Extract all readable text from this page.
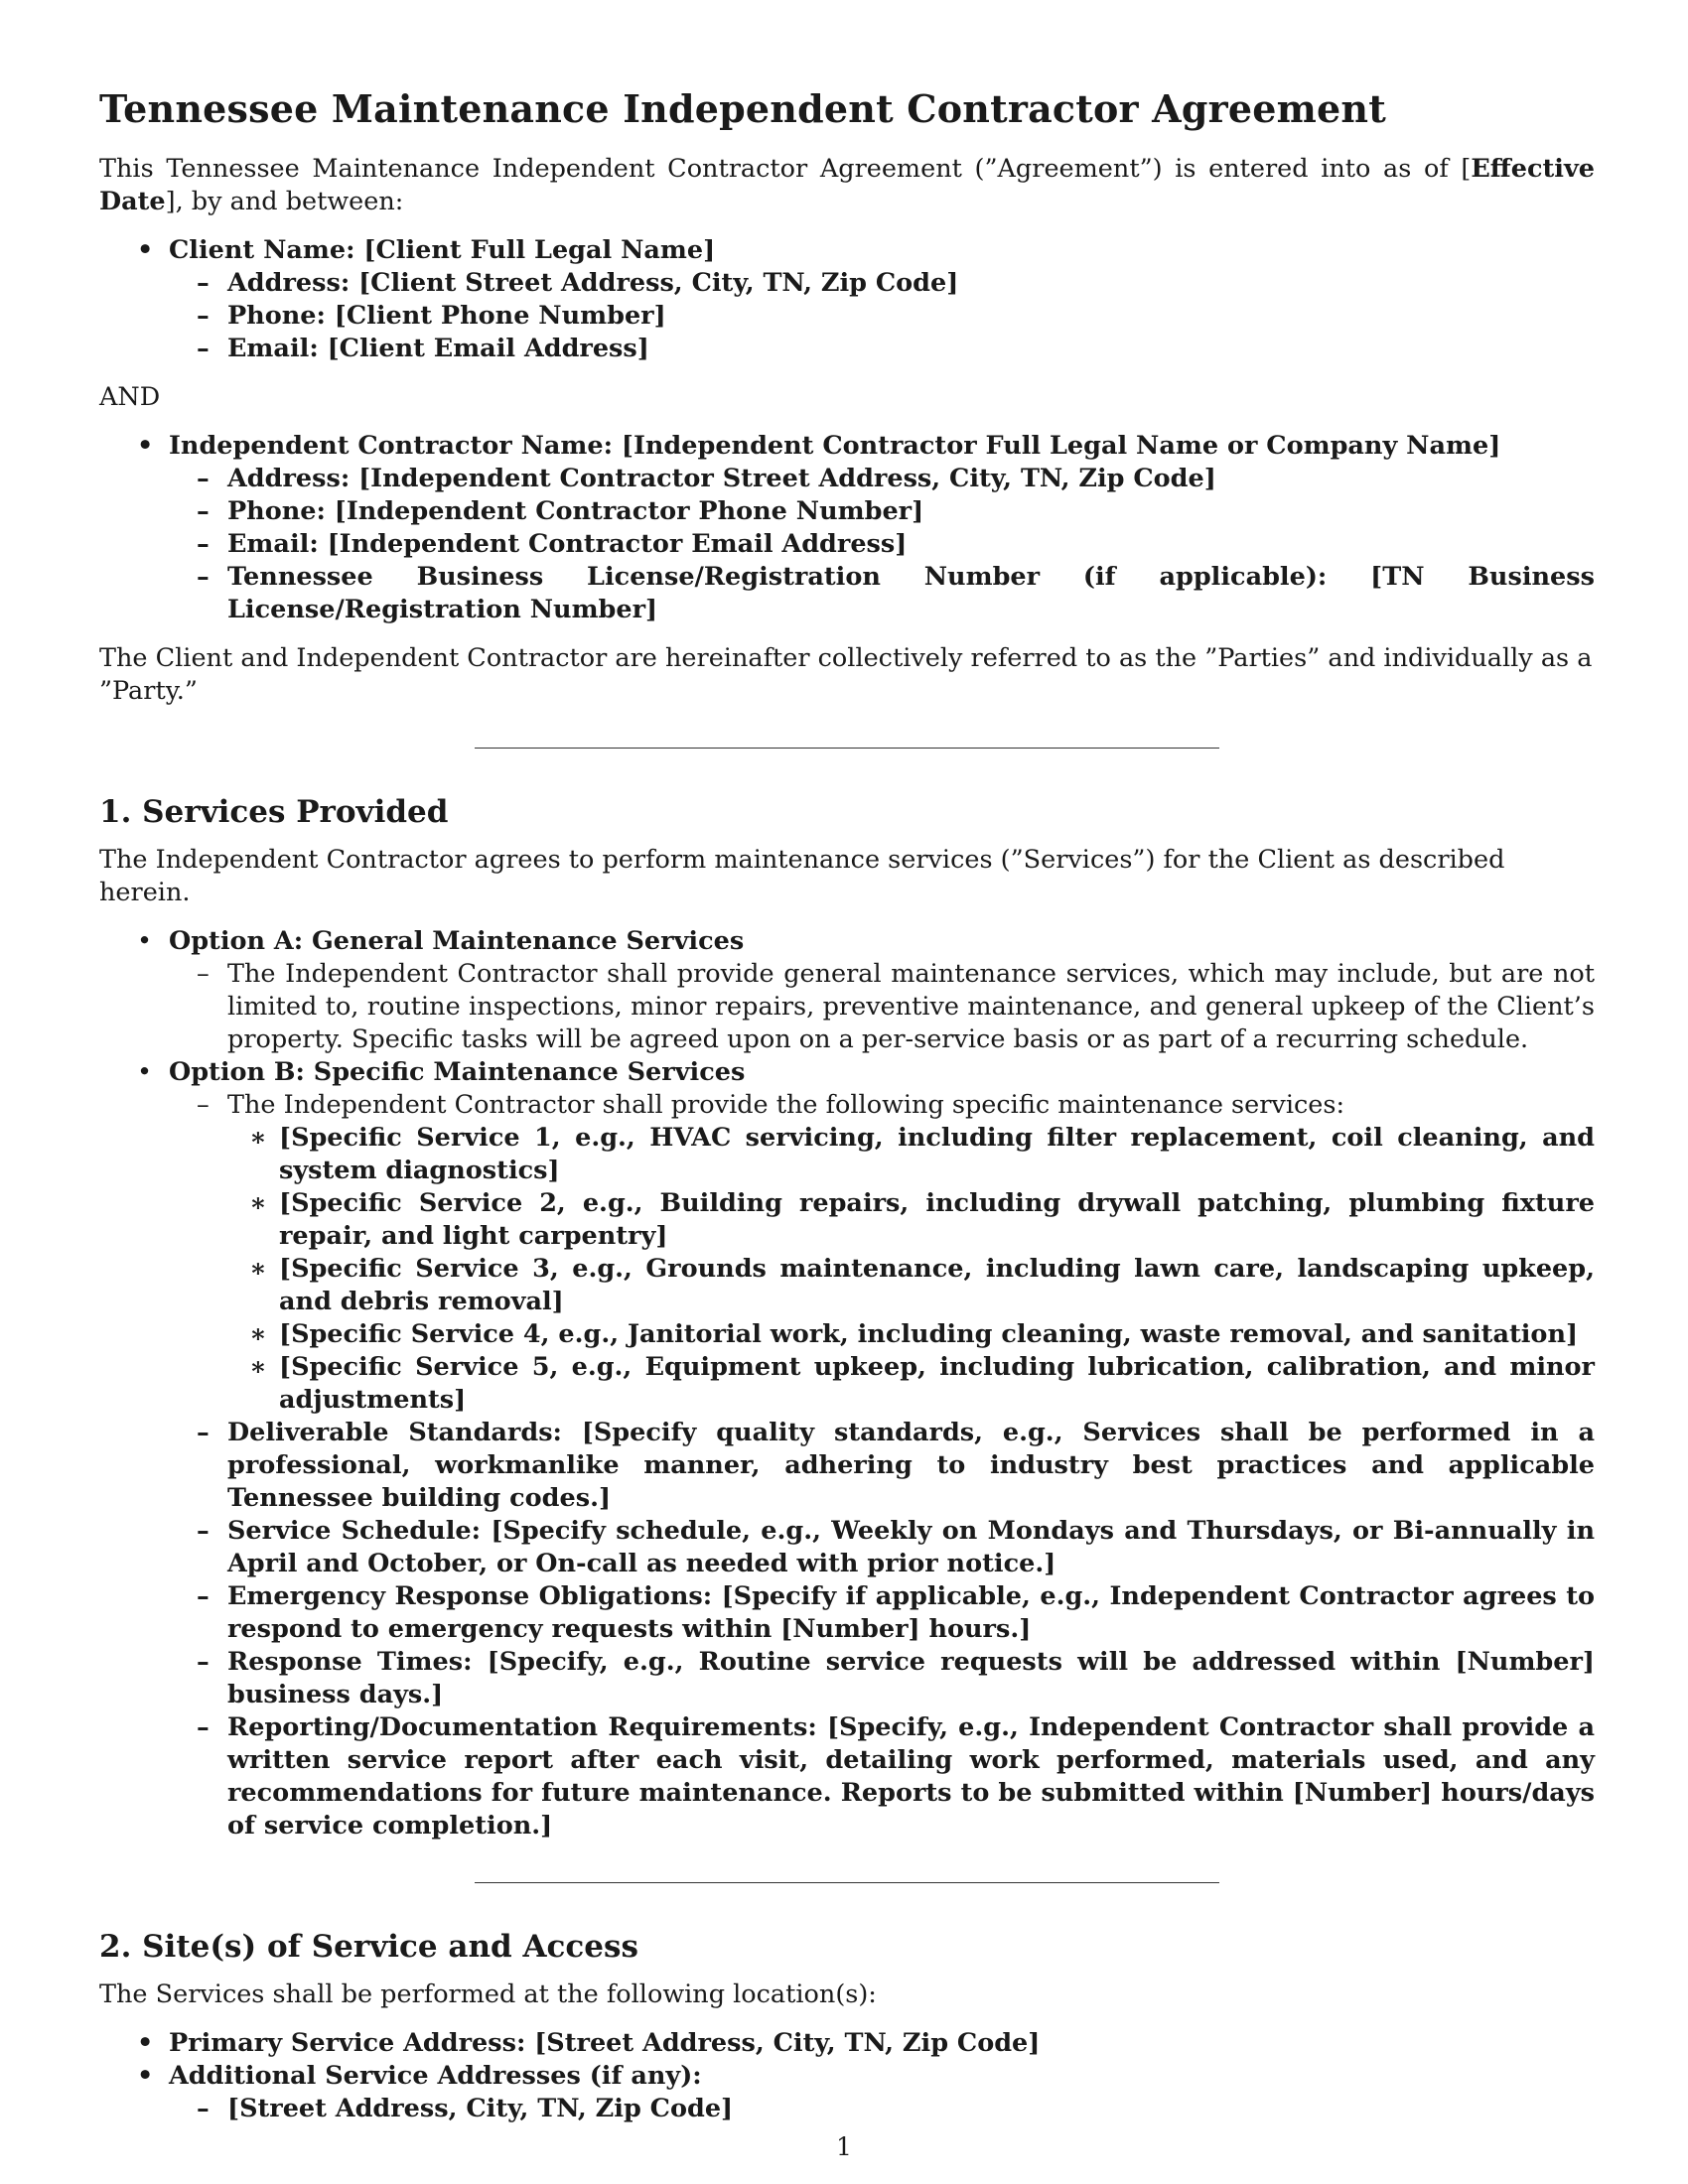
Tennessee Maintenance Independent Contractor Agreement

This Tennessee Maintenance Independent Contractor Agreement (”Agreement”) is entered into as of [Effective Date], by and between:

• Client Name: [Client Full Legal Name]
– Address: [Client Street Address, City, TN, Zip Code]
– Phone: [Client Phone Number]
– Email: [Client Email Address]

AND

• Independent Contractor Name: [Independent Contractor Full Legal Name or Company Name]
– Address: [Independent Contractor Street Address, City, TN, Zip Code]
– Phone: [Independent Contractor Phone Number]
– Email: [Independent Contractor Email Address]
– Tennessee Business License/Registration Number (if applicable): [TN Business License/Registration Number]

The Client and Independent Contractor are hereinafter collectively referred to as the ”Parties” and individually as a ”Party.”

1. Services Provided

The Independent Contractor agrees to perform maintenance services (”Services”) for the Client as described herein.

• Option A: General Maintenance Services
– The Independent Contractor shall provide general maintenance services, which may include, but are not limited to, routine inspections, minor repairs, preventive maintenance, and general upkeep of the Client’s property. Specific tasks will be agreed upon on a per-service basis or as part of a recurring schedule.
• Option B: Specific Maintenance Services
– The Independent Contractor shall provide the following specific maintenance services:
∗ [Specific Service 1, e.g., HVAC servicing, including filter replacement, coil cleaning, and system diagnostics]
∗ [Specific Service 2, e.g., Building repairs, including drywall patching, plumbing fixture repair, and light carpentry]
∗ [Specific Service 3, e.g., Grounds maintenance, including lawn care, landscaping upkeep, and debris removal]
∗ [Specific Service 4, e.g., Janitorial work, including cleaning, waste removal, and sanitation]
∗ [Specific Service 5, e.g., Equipment upkeep, including lubrication, calibration, and minor adjustments]
– Deliverable Standards: [Specify quality standards, e.g., Services shall be performed in a professional, workmanlike manner, adhering to industry best practices and applicable Tennessee building codes.]
– Service Schedule: [Specify schedule, e.g., Weekly on Mondays and Thursdays, or Bi-annually in April and October, or On-call as needed with prior notice.]
– Emergency Response Obligations: [Specify if applicable, e.g., Independent Contractor agrees to respond to emergency requests within [Number] hours.]
– Response Times: [Specify, e.g., Routine service requests will be addressed within [Number] business days.]
– Reporting/Documentation Requirements: [Specify, e.g., Independent Contractor shall provide a written service report after each visit, detailing work performed, materials used, and any recommendations for future maintenance. Reports to be submitted within [Number] hours/days of service completion.]
2. Site(s) of Service and Access

The Services shall be performed at the following location(s):

• Primary Service Address: [Street Address, City, TN, Zip Code]
• Additional Service Addresses (if any):
– [Street Address, City, TN, Zip Code]
1
